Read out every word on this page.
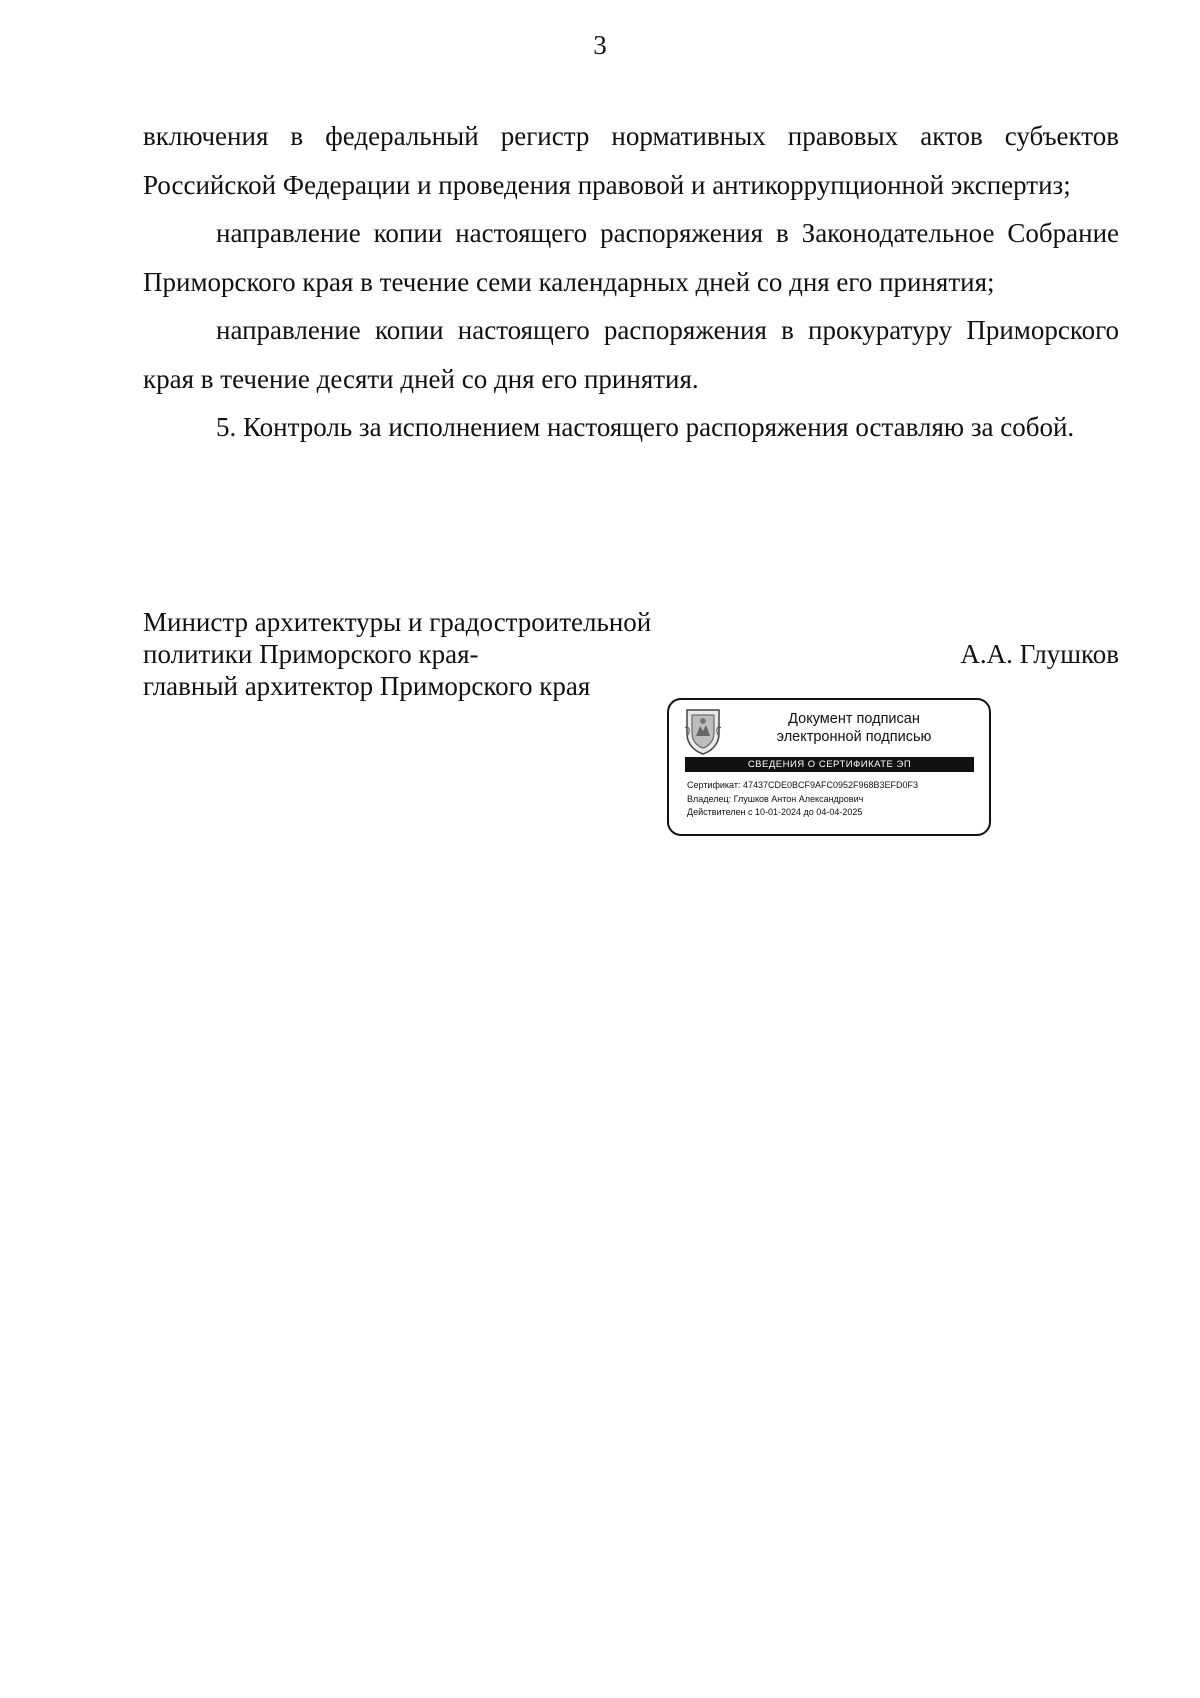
3

включения в федеральный регистр нормативных правовых актов субъектов Российской Федерации и проведения правовой и антикоррупционной экспертиз;

направление копии настоящего распоряжения в Законодательное Собрание Приморского края в течение семи календарных дней со дня его принятия;

направление копии настоящего распоряжения в прокуратуру Приморского края в течение десяти дней со дня его принятия.

5. Контроль за исполнением настоящего распоряжения оставляю за собой.

Министр архитектуры и градостроительной
политики Приморского края-
главный архитектор Приморского края
А.А. Глушков
Документ подписан
электронной подписью
СВЕДЕНИЯ О СЕРТИФИКАТЕ ЭП
Сертификат: 47437CDE0BCF9AFC0952F968B3EFD0F3
Владелец: Глушков Антон Александрович
Действителен с 10-01-2024 до 04-04-2025
